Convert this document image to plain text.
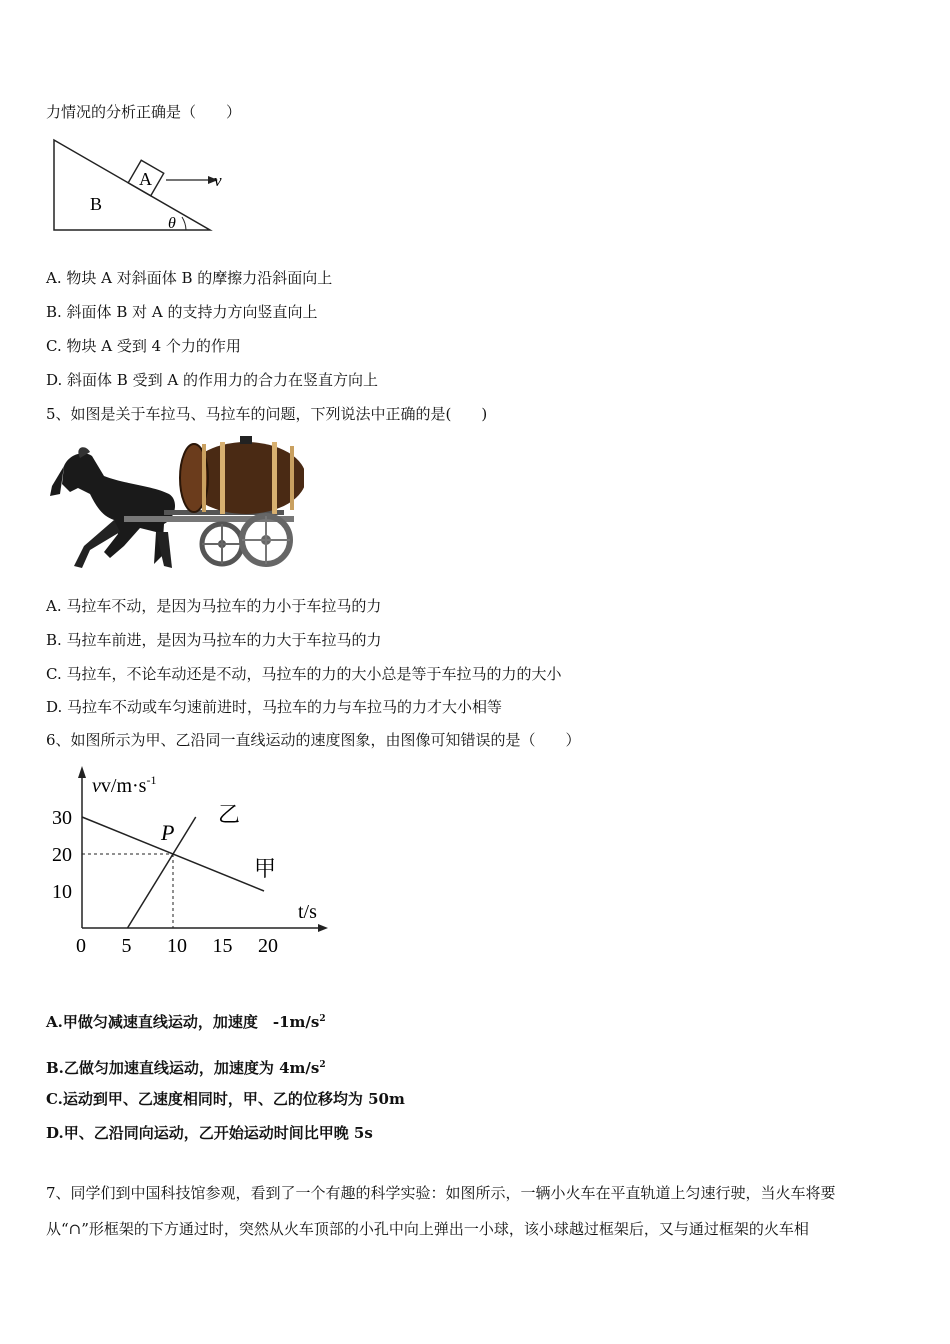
力情况的分析正确是（　　）
A
B
v
θ
A. 物块 A 对斜面体 B 的摩擦力沿斜面向上
B. 斜面体 B 对 A 的支持力方向竖直向上
C. 物块 A 受到 4 个力的作用
D. 斜面体 B 受到 A 的作用力的合力在竖直方向上
5、如图是关于车拉马、马拉车的问题，下列说法中正确的是(　　)
A. 马拉车不动，是因为马拉车的力小于车拉马的力
B. 马拉车前进，是因为马拉车的力大于车拉马的力
C. 马拉车，不论车动还是不动，马拉车的力的大小总是等于车拉马的力的大小
D. 马拉车不动或车匀速前进时，马拉车的力与车拉马的力才大小相等
6、如图所示为甲、乙沿同一直线运动的速度图象，由图像可知错误的是（　　）
$vv/m\cdot s^{-1}$
t/s
0 5 10 15 20
30
20
10
P
乙
甲
A.甲做匀减速直线运动，加速度　$-1m/s^2$
B.乙做匀加速直线运动，加速度为 $4m/s^2$
C.运动到甲、乙速度相同时，甲、乙的位移均为 50m
D.甲、乙沿同向运动，乙开始运动时间比甲晚 5s
7、同学们到中国科技馆参观，看到了一个有趣的科学实验：如图所示，一辆小火车在平直轨道上匀速行驶，当火车将要
从“∩”形框架的下方通过时，突然从火车顶部的小孔中向上弹出一小球，该小球越过框架后，又与通过框架的火车相
